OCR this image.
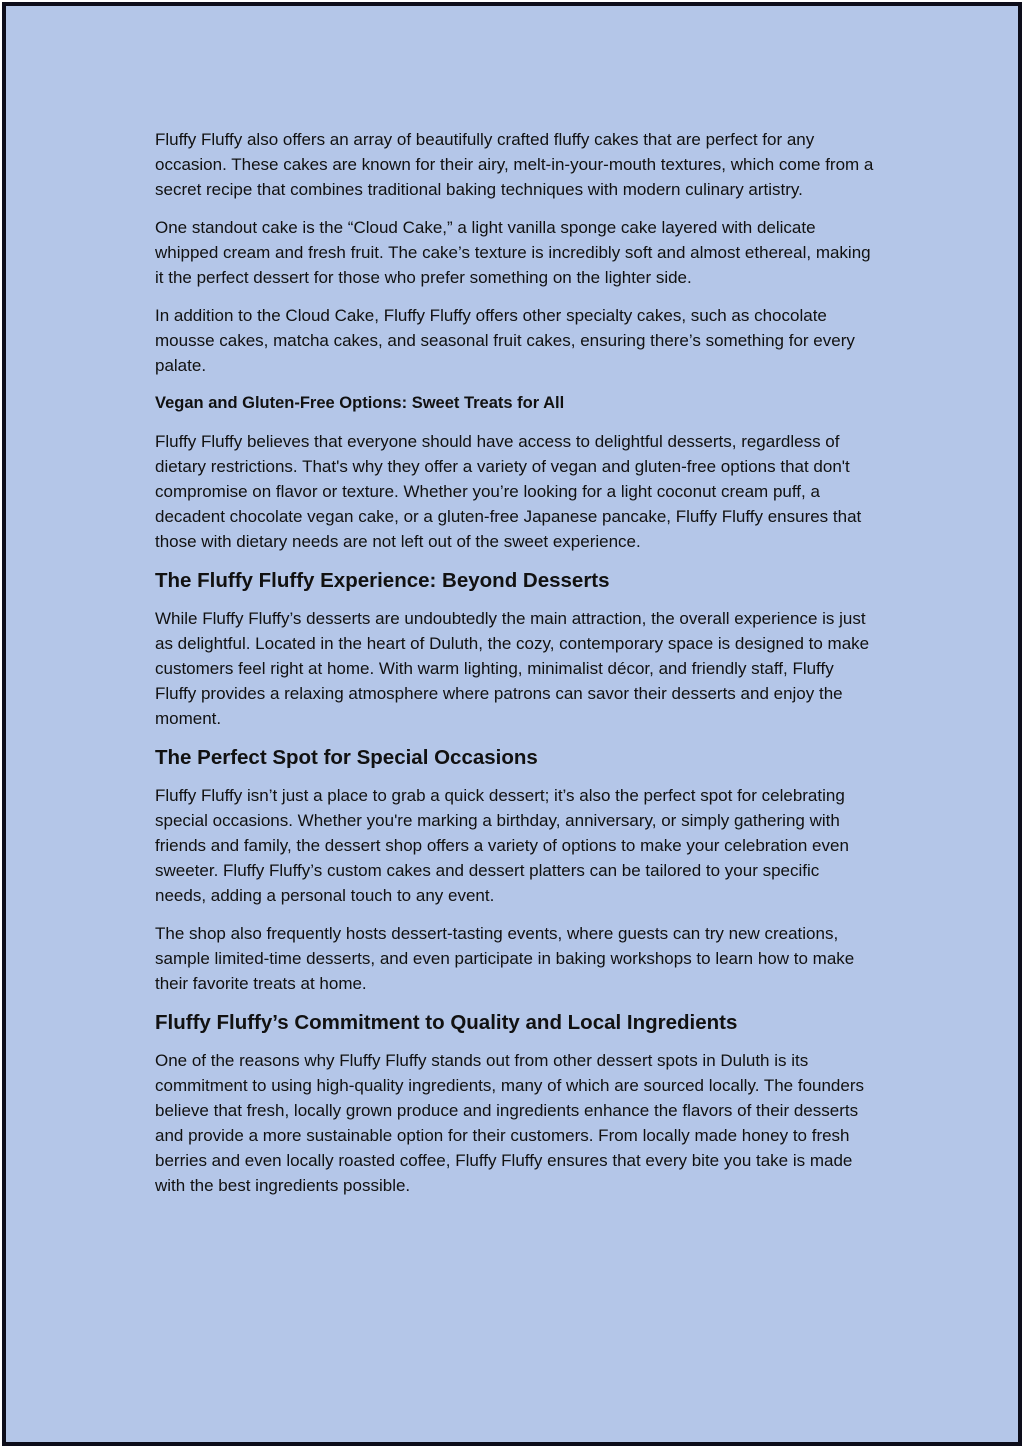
Fluffy Fluffy also offers an array of beautifully crafted fluffy cakes that are perfect for any occasion. These cakes are known for their airy, melt-in-your-mouth textures, which come from a secret recipe that combines traditional baking techniques with modern culinary artistry.

One standout cake is the “Cloud Cake,” a light vanilla sponge cake layered with delicate whipped cream and fresh fruit. The cake’s texture is incredibly soft and almost ethereal, making it the perfect dessert for those who prefer something on the lighter side.

In addition to the Cloud Cake, Fluffy Fluffy offers other specialty cakes, such as chocolate mousse cakes, matcha cakes, and seasonal fruit cakes, ensuring there’s something for every palate.

Vegan and Gluten-Free Options: Sweet Treats for All

Fluffy Fluffy believes that everyone should have access to delightful desserts, regardless of dietary restrictions. That's why they offer a variety of vegan and gluten-free options that don't compromise on flavor or texture. Whether you’re looking for a light coconut cream puff, a decadent chocolate vegan cake, or a gluten-free Japanese pancake, Fluffy Fluffy ensures that those with dietary needs are not left out of the sweet experience.

The Fluffy Fluffy Experience: Beyond Desserts

While Fluffy Fluffy’s desserts are undoubtedly the main attraction, the overall experience is just as delightful. Located in the heart of Duluth, the cozy, contemporary space is designed to make customers feel right at home. With warm lighting, minimalist décor, and friendly staff, Fluffy Fluffy provides a relaxing atmosphere where patrons can savor their desserts and enjoy the moment.

The Perfect Spot for Special Occasions

Fluffy Fluffy isn’t just a place to grab a quick dessert; it’s also the perfect spot for celebrating special occasions. Whether you're marking a birthday, anniversary, or simply gathering with friends and family, the dessert shop offers a variety of options to make your celebration even sweeter. Fluffy Fluffy’s custom cakes and dessert platters can be tailored to your specific needs, adding a personal touch to any event.

The shop also frequently hosts dessert-tasting events, where guests can try new creations, sample limited-time desserts, and even participate in baking workshops to learn how to make their favorite treats at home.

Fluffy Fluffy’s Commitment to Quality and Local Ingredients

One of the reasons why Fluffy Fluffy stands out from other dessert spots in Duluth is its commitment to using high-quality ingredients, many of which are sourced locally. The founders believe that fresh, locally grown produce and ingredients enhance the flavors of their desserts and provide a more sustainable option for their customers. From locally made honey to fresh berries and even locally roasted coffee, Fluffy Fluffy ensures that every bite you take is made with the best ingredients possible.
